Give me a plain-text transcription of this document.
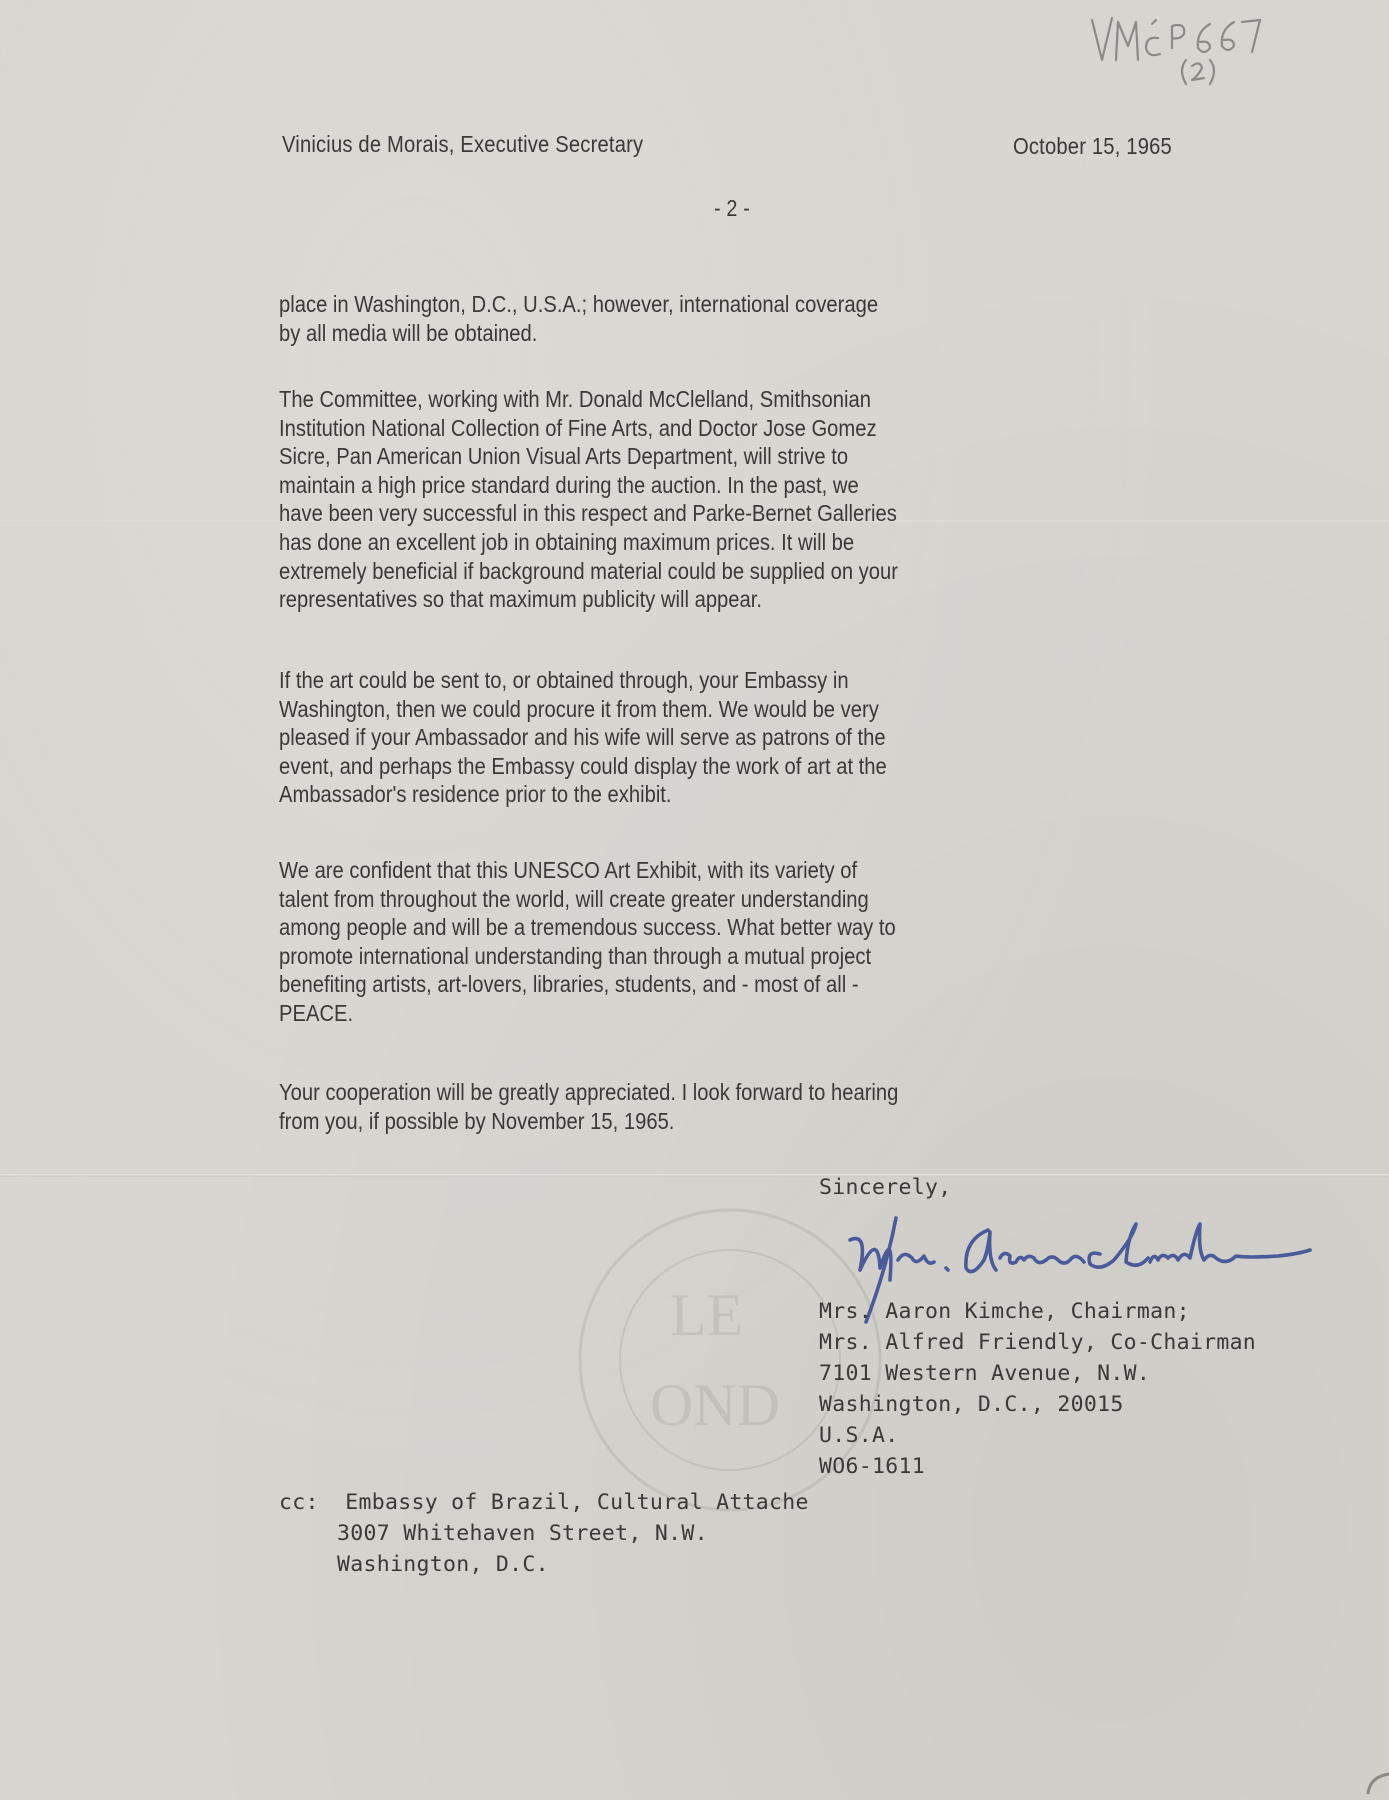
LE
OND
Vinicius de Morais, Executive Secretary	October 15, 1965
- 2 -
place in Washington, D.C., U.S.A.; however, international coverage
by all media will be obtained.
The Committee, working with Mr. Donald McClelland, Smithsonian
Institution National Collection of Fine Arts, and Doctor Jose Gomez
Sicre, Pan American Union Visual Arts Department, will strive to
maintain a high price standard during the auction. In the past, we
have been very successful in this respect and Parke-Bernet Galleries
has done an excellent job in obtaining maximum prices. It will be
extremely beneficial if background material could be supplied on your
representatives so that maximum publicity will appear.
If the art could be sent to, or obtained through, your Embassy in
Washington, then we could procure it from them. We would be very
pleased if your Ambassador and his wife will serve as patrons of the
event, and perhaps the Embassy could display the work of art at the
Ambassador's residence prior to the exhibit.
We are confident that this UNESCO Art Exhibit, with its variety of
talent from throughout the world, will create greater understanding
among people and will be a tremendous success. What better way to
promote international understanding than through a mutual project
benefiting artists, art-lovers, libraries, students, and - most of all -
PEACE.
Your cooperation will be greatly appreciated. I look forward to hearing
from you, if possible by November 15, 1965.
Sincerely,
Mrs. Aaron Kimche, Chairman;
Mrs. Alfred Friendly, Co-Chairman
7101 Western Avenue, N.W.
Washington, D.C., 20015
U.S.A.
WO6-1611
cc: Embassy of Brazil, Cultural Attache
3007 Whitehaven Street, N.W.
Washington, D.C.
